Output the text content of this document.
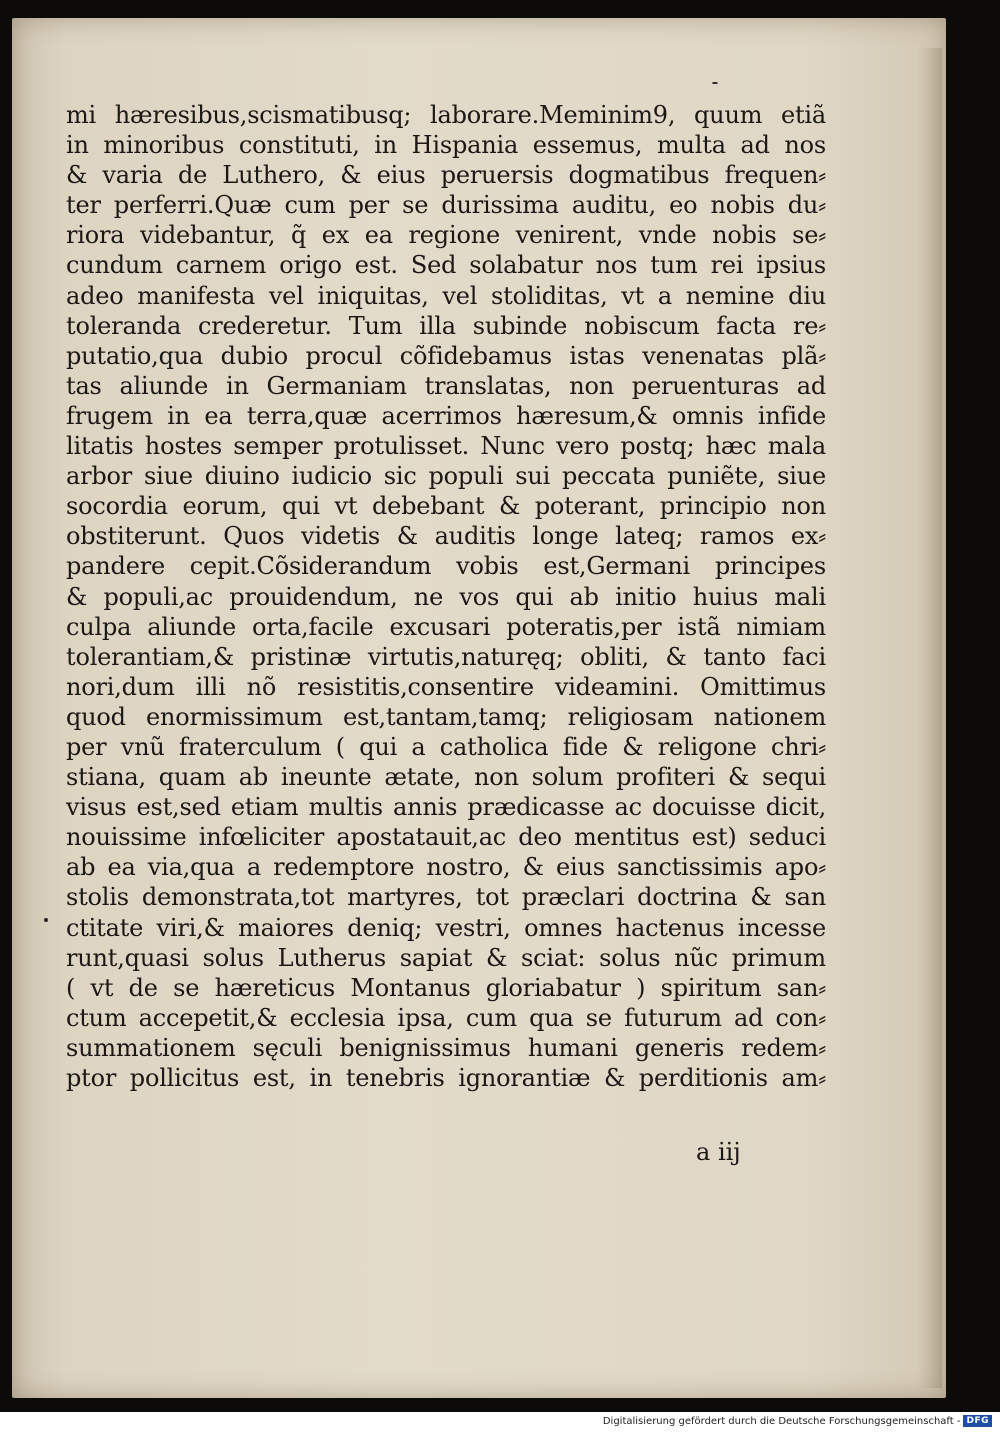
mi hæresibus,scismatibusq; laborare.Meminim9, quum etiã
in minoribus constituti, in Hispania essemus, multa ad nos
& varia de Luthero, & eius peruersis dogmatibus frequen⸗
ter perferri.Quæ cum per se durissima auditu, eo nobis du⸗
riora videbantur, q̃ ex ea regione venirent, vnde nobis se⸗
cundum carnem origo est. Sed solabatur nos tum rei ipsius
adeo manifesta vel iniquitas, vel stoliditas, vt a nemine diu
toleranda crederetur. Tum illa subinde nobiscum facta re⸗
putatio,qua dubio procul cõfidebamus istas venenatas plã⸗
tas aliunde in Germaniam translatas, non peruenturas ad
frugem in ea terra,quæ acerrimos hæresum,& omnis infide
litatis hostes semper protulisset. Nunc vero postq; hæc mala
arbor siue diuino iudicio sic populi sui peccata puniẽte, siue
socordia eorum, qui vt debebant & poterant, principio non
obstiterunt. Quos videtis & auditis longe lateq; ramos ex⸗
pandere cepit.Cõsiderandum vobis est,Germani principes
& populi,ac prouidendum, ne vos qui ab initio huius mali
culpa aliunde orta,facile excusari poteratis,per istã nimiam
tolerantiam,& pristinæ virtutis,naturęq; obliti, & tanto faci
nori,dum illi nõ resistitis,consentire videamini. Omittimus
quod enormissimum est,tantam,tamq; religiosam nationem
per vnũ fraterculum ( qui a catholica fide & religone chri⸗
stiana, quam ab ineunte ætate, non solum profiteri & sequi
visus est,sed etiam multis annis prædicasse ac docuisse dicit,
nouissime infœliciter apostatauit,ac deo mentitus est) seduci
ab ea via,qua a redemptore nostro, & eius sanctissimis apo⸗
stolis demonstrata,tot martyres, tot præclari doctrina & san
ctitate viri,& maiores deniq; vestri, omnes hactenus incesse
runt,quasi solus Lutherus sapiat & sciat: solus nũc primum
( vt de se hæreticus Montanus gloriabatur ) spiritum san⸗
ctum accepetit,& ecclesia ipsa, cum qua se futurum ad con⸗
summationem sęculi benignissimus humani generis redem⸗
ptor pollicitus est, in tenebris ignorantiæ & perditionis am⸗
a iij
Digitalisierung gefördert durch die Deutsche Forschungsgemeinschaft - DFG
